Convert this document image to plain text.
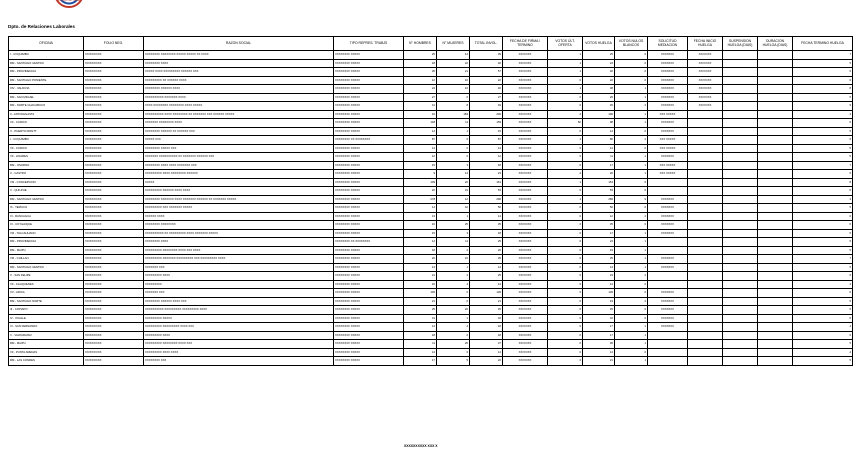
Dirección del Trabajo
Dpto. de Relaciones Laborales
OFICINA	FOLIO NEG.	RAZON SOCIAL	TIPO REPRES. TRABJS	N° HOMBRES	N° MUJERES	TOTAL INVOL.	FECHA DE FIRMA / TERMINO	VOTOS ÚLT. OFERTA	VOTOS HUELGA	VOTOS NULOS BLANCOS	SOLICITUD MEDIACION	FECHA INICIO HUELGA	SUSPENSION HUELGA (DIAS)	DURACION HUELGA (DIAS)	FECHA TERMINO HUELGA
I - COQUIMBO	XX/XXXX/XX	XXXXXXXX XXXXXXXX XXXXX XXXXX XX XXXX	XXXXXXXX XXXXX	25	14	39	XX/XX/XX	1	25	0	XXXXXXX	XX/XX/XX			7
RM - SANTIAGO CENTRO	XX/XXXX/XX	XXXXXXXX XXXX	XXXXXXXX XXXXX	18	22	40	XX/XX/XX	1	24	0	XXXXXXX	XX/XX/XX			5
RM - PROVIDENCIA	XX/XXXX/XX	XXXXX XXXX XXXXXXXXX XXXXXX XXX	XXXXXXXX XXXXX	36	21	57	XX/XX/XX	1	40	0	XXXXXXX	XX/XX/XX			6
RM - SANTIAGO PONIENTE	XX/XXXX/XX	XXXXXXXXX XX XXXXXX XXXX	XXXXXXXX XXXXX	12	10	22	XX/XX/XX	0	22	0	XXXXXXX	XX/XX/XX			6
XIV - VALDIVIA	XX/XXXX/XX	XXXXXXXX XXXXXX XXXX	XXXXXXXX XXXXX	24	16	40	XX/XX/XX	1	38	1	XXXXXXX	XX/XX/XX			8
RM - SAN MIGUEL	XX/XXXX/XX	XXXXXXXXXX XXXXXXX XXXX	XXXXXXXX XXXXX	27	0	27	XX/XX/XX	0	26	1	XXXXXXX	XX/XX/XX			5
RM - NORTE CHACABUCO	XX/XXXX/XX	XXXX XXXXXXXX XXXXXXXX XXXX XXXXX	XXXXXXXX XXXXX	41	8	49	XX/XX/XX	0	45	2	XXXXXXX	XX/XX/XX			9
II - ANTOFAGASTA	XX/XXXX/XX	XXXXXXXXXX XXXX XXXXXXXX XX XXXXXXX XXX XXXXXX XXXXX	XXXXXXXX XXXXX	16	184	200	XX/XX/XX	2	190	1	XXX XXXXX				4
VII - CURICO	XX/XXXX/XX	XXXXXXX XXXXXXXX XXXX	XXXXXXXX XXXXX	148	11	159	XX/XX/XX	60	98	1	XXXXXXX				6
X - PUERTO MONTT	XX/XXXX/XX	XXXXXXXX XXXXXX XX XXXXXX XXX	XXXXXXXX XXXXX	14	1	15	XX/XX/XX	0	14	0	XXXXXXX				5
I - COQUIMBO	XX/XXXX/XX	XXXXX XXX	XXXXXXXX XX XXXXXXXX	87	0	87	XX/XX/XX	1	80	2	XXX XXXXX				6
VII - CURICO	XX/XXXX/XX	XXXXXXXX XXXXX XXX	XXXXXXXX XXXXX	14	0	14	XX/XX/XX	0	14	0	XXX XXXXX				5
VII - LINARES	XX/XXXX/XX	XXXXXXX XXXXXXXXXX XX XXXXXXX XXXXXX XXX	XXXXXXXX XXXXX	12	0	12	XX/XX/XX	0	11	1	XXXXXXX				5
RM - OSORNO	XX/XXXX/XX	XXXXXXXX XXXX XXXX XXXXXXX XXX	XXXXXXXX XXXXX	15	3	18	XX/XX/XX	0	17	1	XXX XXXXX				7
X - CASTRO	XX/XXXX/XX	XXXXXXXXX XXXX XXXXXXXX XXXXXX	XXXXXXXX XXXXX	9	14	23	XX/XX/XX	2	20	1	XXX XXXXX				6
VIII - CONCEPCION	XX/XXXX/XX	XXXXX	XXXXXXXX XXXXX	139	22	161	XX/XX/XX	1	154	6					8
V - QUILPUE	XX/XXXX/XX	XXXXXXXXX XXXXXX XXXX XXXX	XXXXXXXX XXXXX	22	31	53	XX/XX/XX	0	53	0					5
RM - SANTIAGO CENTRO	XX/XXXX/XX	XXXXXXXX XXXXXXX XXXX XXXXXXX XXXXXX XX XXXXXXX XXXXX	XXXXXXXX XXXXX	278	12	290	XX/XX/XX	1	280	9	XXXXXXX				4
IX - TEMUCO	XX/XXXX/XX	XXXXXXXXX XXX XXXXXXX XXXXX	XXXXXXXX XXXXX	14	42	56	XX/XX/XX	0	56	0	XXXXXXX				5
VI - RANCAGUA	XX/XXXX/XX	XXXXXX XXXX	XXXXXXXX XXXXX	13	1	14	XX/XX/XX	0	12	2	XXXXXXX				6
XI - COYHAIQUE	XX/XXXX/XX	XXXXXXXX XXXXXXXX	XXXXXXXX XXXXX	10	25	35	XX/XX/XX	0	35	0	XXXXXXX				6
VIII - TALCAHUANO	XX/XXXX/XX	XXXXXXXXXX XX XXXXXXXXX XXXX XXXXXXX XXXXX	XXXXXXXX XXXXX	15	3	18	XX/XX/XX	0	17	1	XXXXXXX				5
RM - PROVIDENCIA	XX/XXXX/XX	XXXXXXXX XXXX	XXXXXXXX XX XXXXXXXX	14	11	25	XX/XX/XX	0	24	1					6
RM - MAIPU	XX/XXXX/XX	XXXXXXXXX XXXXXXXX XXXX XXX XXXX	XXXXXXXX XXXXX	18	2	20	XX/XX/XX	0	19	1					5
VIII - CHILLAN	XX/XXXX/XX	XXXXXXXXX XXXXXXX XXXXXXXXX XXX XXXXXXXXX XXXX	XXXXXXXX XXXXX	20	16	36	XX/XX/XX	0	35	1	XXXXXXX				7
RM - SANTIAGO CENTRO	XX/XXXX/XX	XXXXXXX XXX	XXXXXXXX XXXXX	13	1	14	XX/XX/XX	0	13	1	XXXXXXX				5
V - SAN FELIPE	XX/XXXX/XX	XXXXXXXXX XXXX	XXXXXXXX XXXXX	21	4	25	XX/XX/XX	0	23	2					6
VII - CAUQUENES	XX/XXXX/XX	XXXXXXXXX	XXXXXXXX XXXXX	10	4	14	XX/XX/XX	0	14	0					4
XV - ARICA	XX/XXXX/XX	XXXXXXX XXX	XXXXXXXX XXXXX	130	0	130	XX/XX/XX	0	130	0	XXXXXXX				6
RM - SANTIAGO NORTE	XX/XXXX/XX	XXXXXXXX XXXXXX XXXX XXX	XXXXXXXX XXXXX	21	0	21	XX/XX/XX	0	19	2	XXXXXXX				5
III - COPIAPO	XX/XXXX/XX	XXXXXXXXXX XXXXXXXXX XXXXXXXXX XXXX	XXXXXXXX XXXXX	25	20	45	XX/XX/XX	0	45	0	XXXXXXX				6
IV - OVALLE	XX/XXXX/XX	XXXXXXXXX XXXXX	XXXXXXXX XXXXX	31	1	32	XX/XX/XX	0	32	0	XXXXXXX				5
VI - SAN FERNANDO	XX/XXXX/XX	XXXXXXXXX XXXXXXXXX XXXX XXX	XXXXXXXX XXXXX	14	4	18	XX/XX/XX	0	17	1	XXXXXXX				4
V - VALPARAISO	XX/XXXX/XX	XXXXXXXXX XXXX	XXXXXXXX XXXXX	18	0	18	XX/XX/XX	0	17	1					6
RM - MAIPU	XX/XXXX/XX	XXXXXXXXX XXXXXXXX XXXX XXX	XXXXXXXX XXXXX	11	26	37	XX/XX/XX	0	36	1					5
XII - PUNTA ARENAS	XX/XXXX/XX	XXXXXXXXX XXXX XXXX	XXXXXXXX XXXXX	14	0	14	XX/XX/XX	0	14	0					4
RM - LAS CONDES	XX/XXXX/XX	XXXXXXXX XXX	XXXXXXXX XXXXX	17	5	22	XX/XX/XX	0	21	1					5
XXXXXXXXXX XXX X
